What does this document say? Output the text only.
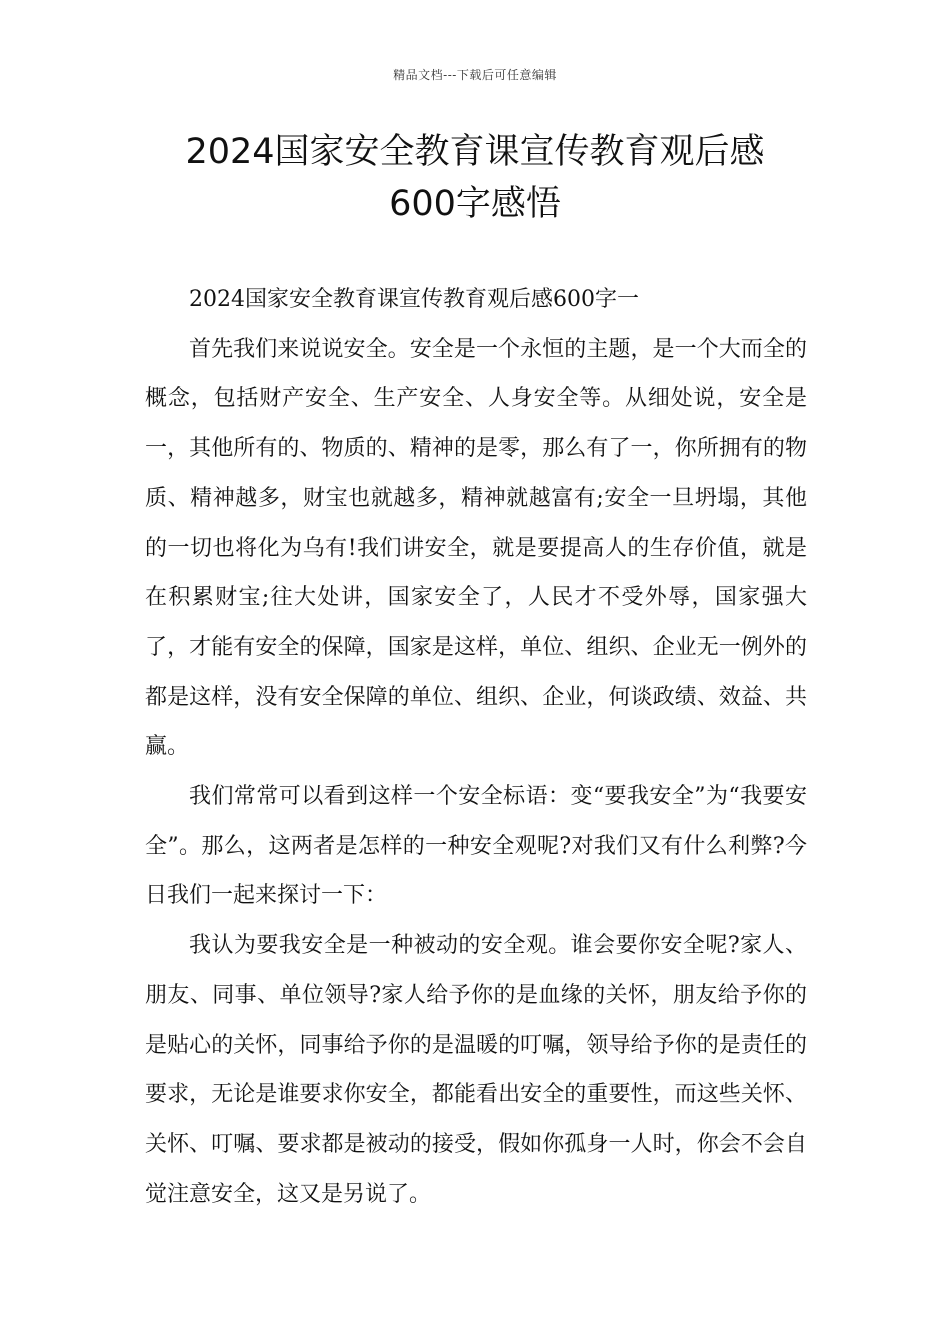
精品文档---下载后可任意编辑
2024国家安全教育课宣传教育观后感
600字感悟

2024国家安全教育课宣传教育观后感600字一

首先我们来说说安全。安全是一个永恒的主题，是一个大而全的概念，包括财产安全、生产安全、人身安全等。从细处说，安全是一，其他所有的、物质的、精神的是零，那么有了一，你所拥有的物质、精神越多，财宝也就越多，精神就越富有;安全一旦坍塌，其他的一切也将化为乌有!我们讲安全，就是要提高人的生存价值，就是在积累财宝;往大处讲，国家安全了，人民才不受外辱，国家强大了，才能有安全的保障，国家是这样，单位、组织、企业无一例外的都是这样，没有安全保障的单位、组织、企业，何谈政绩、效益、共赢。

我们常常可以看到这样一个安全标语：变“要我安全”为“我要安全”。那么，这两者是怎样的一种安全观呢?对我们又有什么利弊?今日我们一起来探讨一下：

我认为要我安全是一种被动的安全观。谁会要你安全呢?家人、朋友、同事、单位领导?家人给予你的是血缘的关怀，朋友给予你的是贴心的关怀，同事给予你的是温暖的叮嘱，领导给予你的是责任的要求，无论是谁要求你安全，都能看出安全的重要性，而这些关怀、关怀、叮嘱、要求都是被动的接受，假如你孤身一人时，你会不会自觉注意安全，这又是另说了。
